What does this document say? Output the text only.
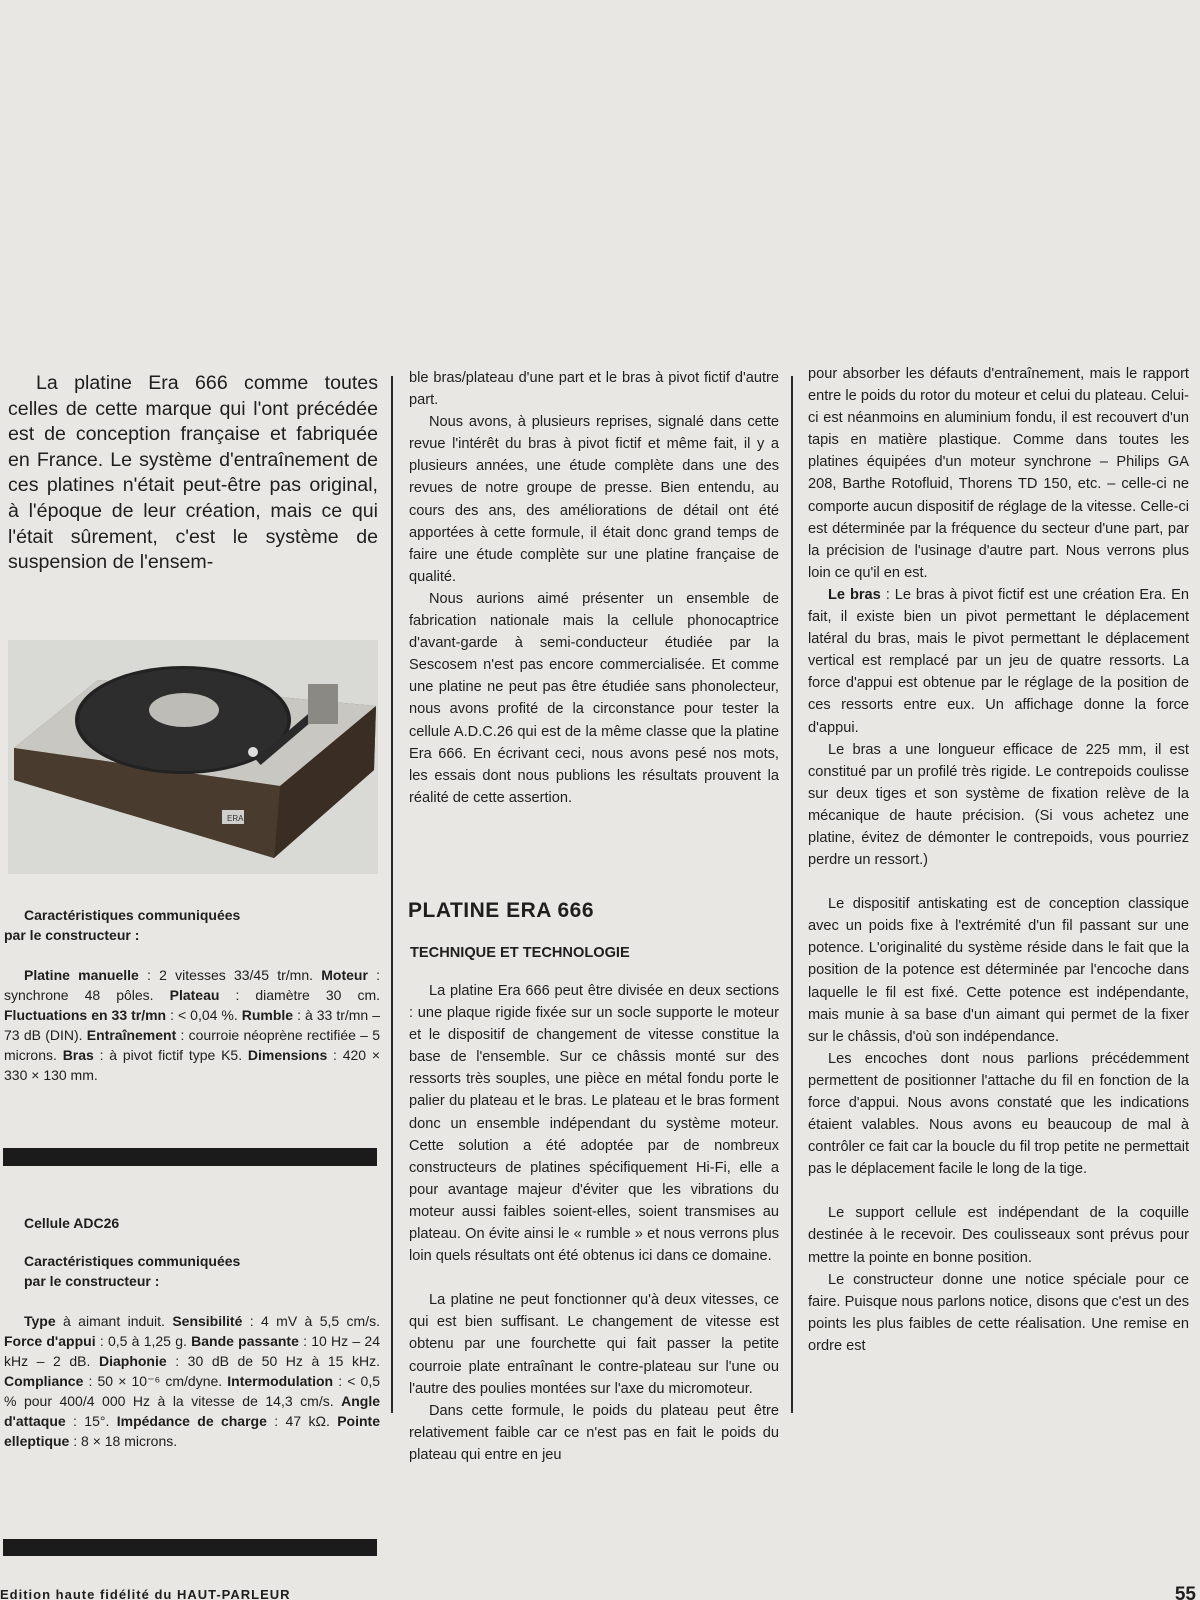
La platine Era 666 comme toutes celles de cette marque qui l'ont précédée est de conception française et fabriquée en France. Le système d'entraînement de ces platines n'était peut-être pas original, à l'époque de leur création, mais ce qui l'était sûrement, c'est le système de suspension de l'ensem-

ERA

Caractéristiques communiquées

par le constructeur :

Platine manuelle : 2 vitesses 33/45 tr/mn. Moteur : synchrone 48 pôles. Plateau : diamètre 30 cm. Fluctuations en 33 tr/mn : < 0,04 %. Rumble : à 33 tr/mn – 73 dB (DIN). Entraînement : courroie néoprène rectifiée – 5 microns. Bras : à pivot fictif type K5. Dimensions : 420 × 330 × 130 mm.

Cellule ADC26

Caractéristiques communiquées

par le constructeur :

Type à aimant induit. Sensibilité : 4 mV à 5,5 cm/s. Force d'appui : 0,5 à 1,25 g. Bande passante : 10 Hz – 24 kHz – 2 dB. Diaphonie : 30 dB de 50 Hz à 15 kHz. Compliance : 50 × 10⁻⁶ cm/dyne. Intermodulation : < 0,5 % pour 400/4 000 Hz à la vitesse de 14,3 cm/s. Angle d'attaque : 15°. Impédance de charge : 47 kΩ. Pointe elleptique : 8 × 18 microns.

ble bras/plateau d'une part et le bras à pivot fictif d'autre part.

Nous avons, à plusieurs reprises, signalé dans cette revue l'intérêt du bras à pivot fictif et même fait, il y a plusieurs années, une étude complète dans une des revues de notre groupe de presse. Bien entendu, au cours des ans, des améliorations de détail ont été apportées à cette formule, il était donc grand temps de faire une étude complète sur une platine française de qualité.

Nous aurions aimé présenter un ensemble de fabrication nationale mais la cellule phonocaptrice d'avant-garde à semi-conducteur étudiée par la Sescosem n'est pas encore commercialisée. Et comme une platine ne peut pas être étudiée sans phonolecteur, nous avons profité de la circonstance pour tester la cellule A.D.C.26 qui est de la même classe que la platine Era 666. En écrivant ceci, nous avons pesé nos mots, les essais dont nous publions les résultats prouvent la réalité de cette assertion.

PLATINE ERA 666
TECHNIQUE ET TECHNOLOGIE

La platine Era 666 peut être divisée en deux sections : une plaque rigide fixée sur un socle supporte le moteur et le dispositif de changement de vitesse constitue la base de l'ensemble. Sur ce châssis monté sur des ressorts très souples, une pièce en métal fondu porte le palier du plateau et le bras. Le plateau et le bras forment donc un ensemble indépendant du système moteur. Cette solution a été adoptée par de nombreux constructeurs de platines spécifiquement Hi-Fi, elle a pour avantage majeur d'éviter que les vibrations du moteur aussi faibles soient-elles, soient transmises au plateau. On évite ainsi le « rumble » et nous verrons plus loin quels résultats ont été obtenus ici dans ce domaine.

La platine ne peut fonctionner qu'à deux vitesses, ce qui est bien suffisant. Le changement de vitesse est obtenu par une fourchette qui fait passer la petite courroie plate entraînant le contre-plateau sur l'une ou l'autre des poulies montées sur l'axe du micromoteur.

Dans cette formule, le poids du plateau peut être relativement faible car ce n'est pas en fait le poids du plateau qui entre en jeu

pour absorber les défauts d'entraînement, mais le rapport entre le poids du rotor du moteur et celui du plateau. Celui-ci est néanmoins en aluminium fondu, il est recouvert d'un tapis en matière plastique. Comme dans toutes les platines équipées d'un moteur synchrone – Philips GA 208, Barthe Rotofluid, Thorens TD 150, etc. – celle-ci ne comporte aucun dispositif de réglage de la vitesse. Celle-ci est déterminée par la fréquence du secteur d'une part, par la précision de l'usinage d'autre part. Nous verrons plus loin ce qu'il en est.

Le bras : Le bras à pivot fictif est une création Era. En fait, il existe bien un pivot permettant le déplacement latéral du bras, mais le pivot permettant le déplacement vertical est remplacé par un jeu de quatre ressorts. La force d'appui est obtenue par le réglage de la position de ces ressorts entre eux. Un affichage donne la force d'appui.

Le bras a une longueur efficace de 225 mm, il est constitué par un profilé très rigide. Le contrepoids coulisse sur deux tiges et son système de fixation relève de la mécanique de haute précision. (Si vous achetez une platine, évitez de démonter le contrepoids, vous pourriez perdre un ressort.)

Le dispositif antiskating est de conception classique avec un poids fixe à l'extrémité d'un fil passant sur une potence. L'originalité du système réside dans le fait que la position de la potence est déterminée par l'encoche dans laquelle le fil est fixé. Cette potence est indépendante, mais munie à sa base d'un aimant qui permet de la fixer sur le châssis, d'où son indépendance.

Les encoches dont nous parlions précédemment permettent de positionner l'attache du fil en fonction de la force d'appui. Nous avons constaté que les indications étaient valables. Nous avons eu beaucoup de mal à contrôler ce fait car la boucle du fil trop petite ne permettait pas le déplacement facile le long de la tige.

Le support cellule est indépendant de la coquille destinée à le recevoir. Des coulisseaux sont prévus pour mettre la pointe en bonne position.

Le constructeur donne une notice spéciale pour ce faire. Puisque nous parlons notice, disons que c'est un des points les plus faibles de cette réalisation. Une remise en ordre est

Edition haute fidélité du HAUT-PARLEUR	55
